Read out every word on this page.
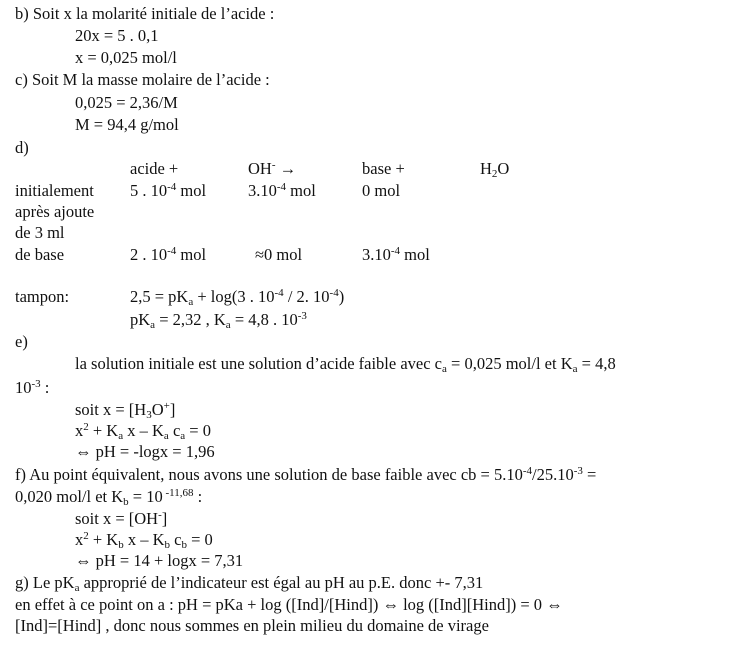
b) Soit x la molarité initiale de l’acide :
20x = 5 . 0,1
x = 0,025 mol/l
c) Soit M la masse molaire de l’acide :
0,025 = 2,36/M
M = 94,4 g/mol
d)
acide +	OH- →	base +	$H_2O$
initialement 5 . $10^{-4}$ mol	$3.10^{-4}$ mol	0 mol
après ajoute
de 3 ml
de base	2 . $10^{-4}$ mol	≈0 mol	$3.10^{-4}$ mol
tampon:	$2,5 = pK_a + \log(3$ . $10^{-4} / 2$. $10^{-4}$)
$pK_a = 2,32$ , $K_a = 4,8$ . $10^{-3}$
e)
la solution initiale est une solution d’acide faible avec $c_a = 0,025$ mol/l et $K_a = 4,8$
$10^{-3}$ :
soit $x = [H_3O^+]$
$x^2 + K_a$ x – $K_a$ $c_a = 0$
⇔ pH = -logx = 1,96
f) Au point équivalent, nous avons une solution de base faible avec cb = $5.10^{-4}/25.10^{-3}$ =
0,020 mol/l et $K_b = 10$ $^{-11,68}$ :
soit x = [OH-]
$x^2 + K_b$ x – $K_b$ $c_b = 0$
⇔ pH = 14 + logx = 7,31
g) Le $pK_a$ approprié de l’indicateur est égal au pH au p.E. donc +- 7,31
en effet à ce point on a : pH = pKa + log ([Ind]/[Hind]) ⇔ log ([Ind][Hind]) = 0 ⇔
[Ind]=[Hind] , donc nous sommes en plein milieu du domaine de virage
